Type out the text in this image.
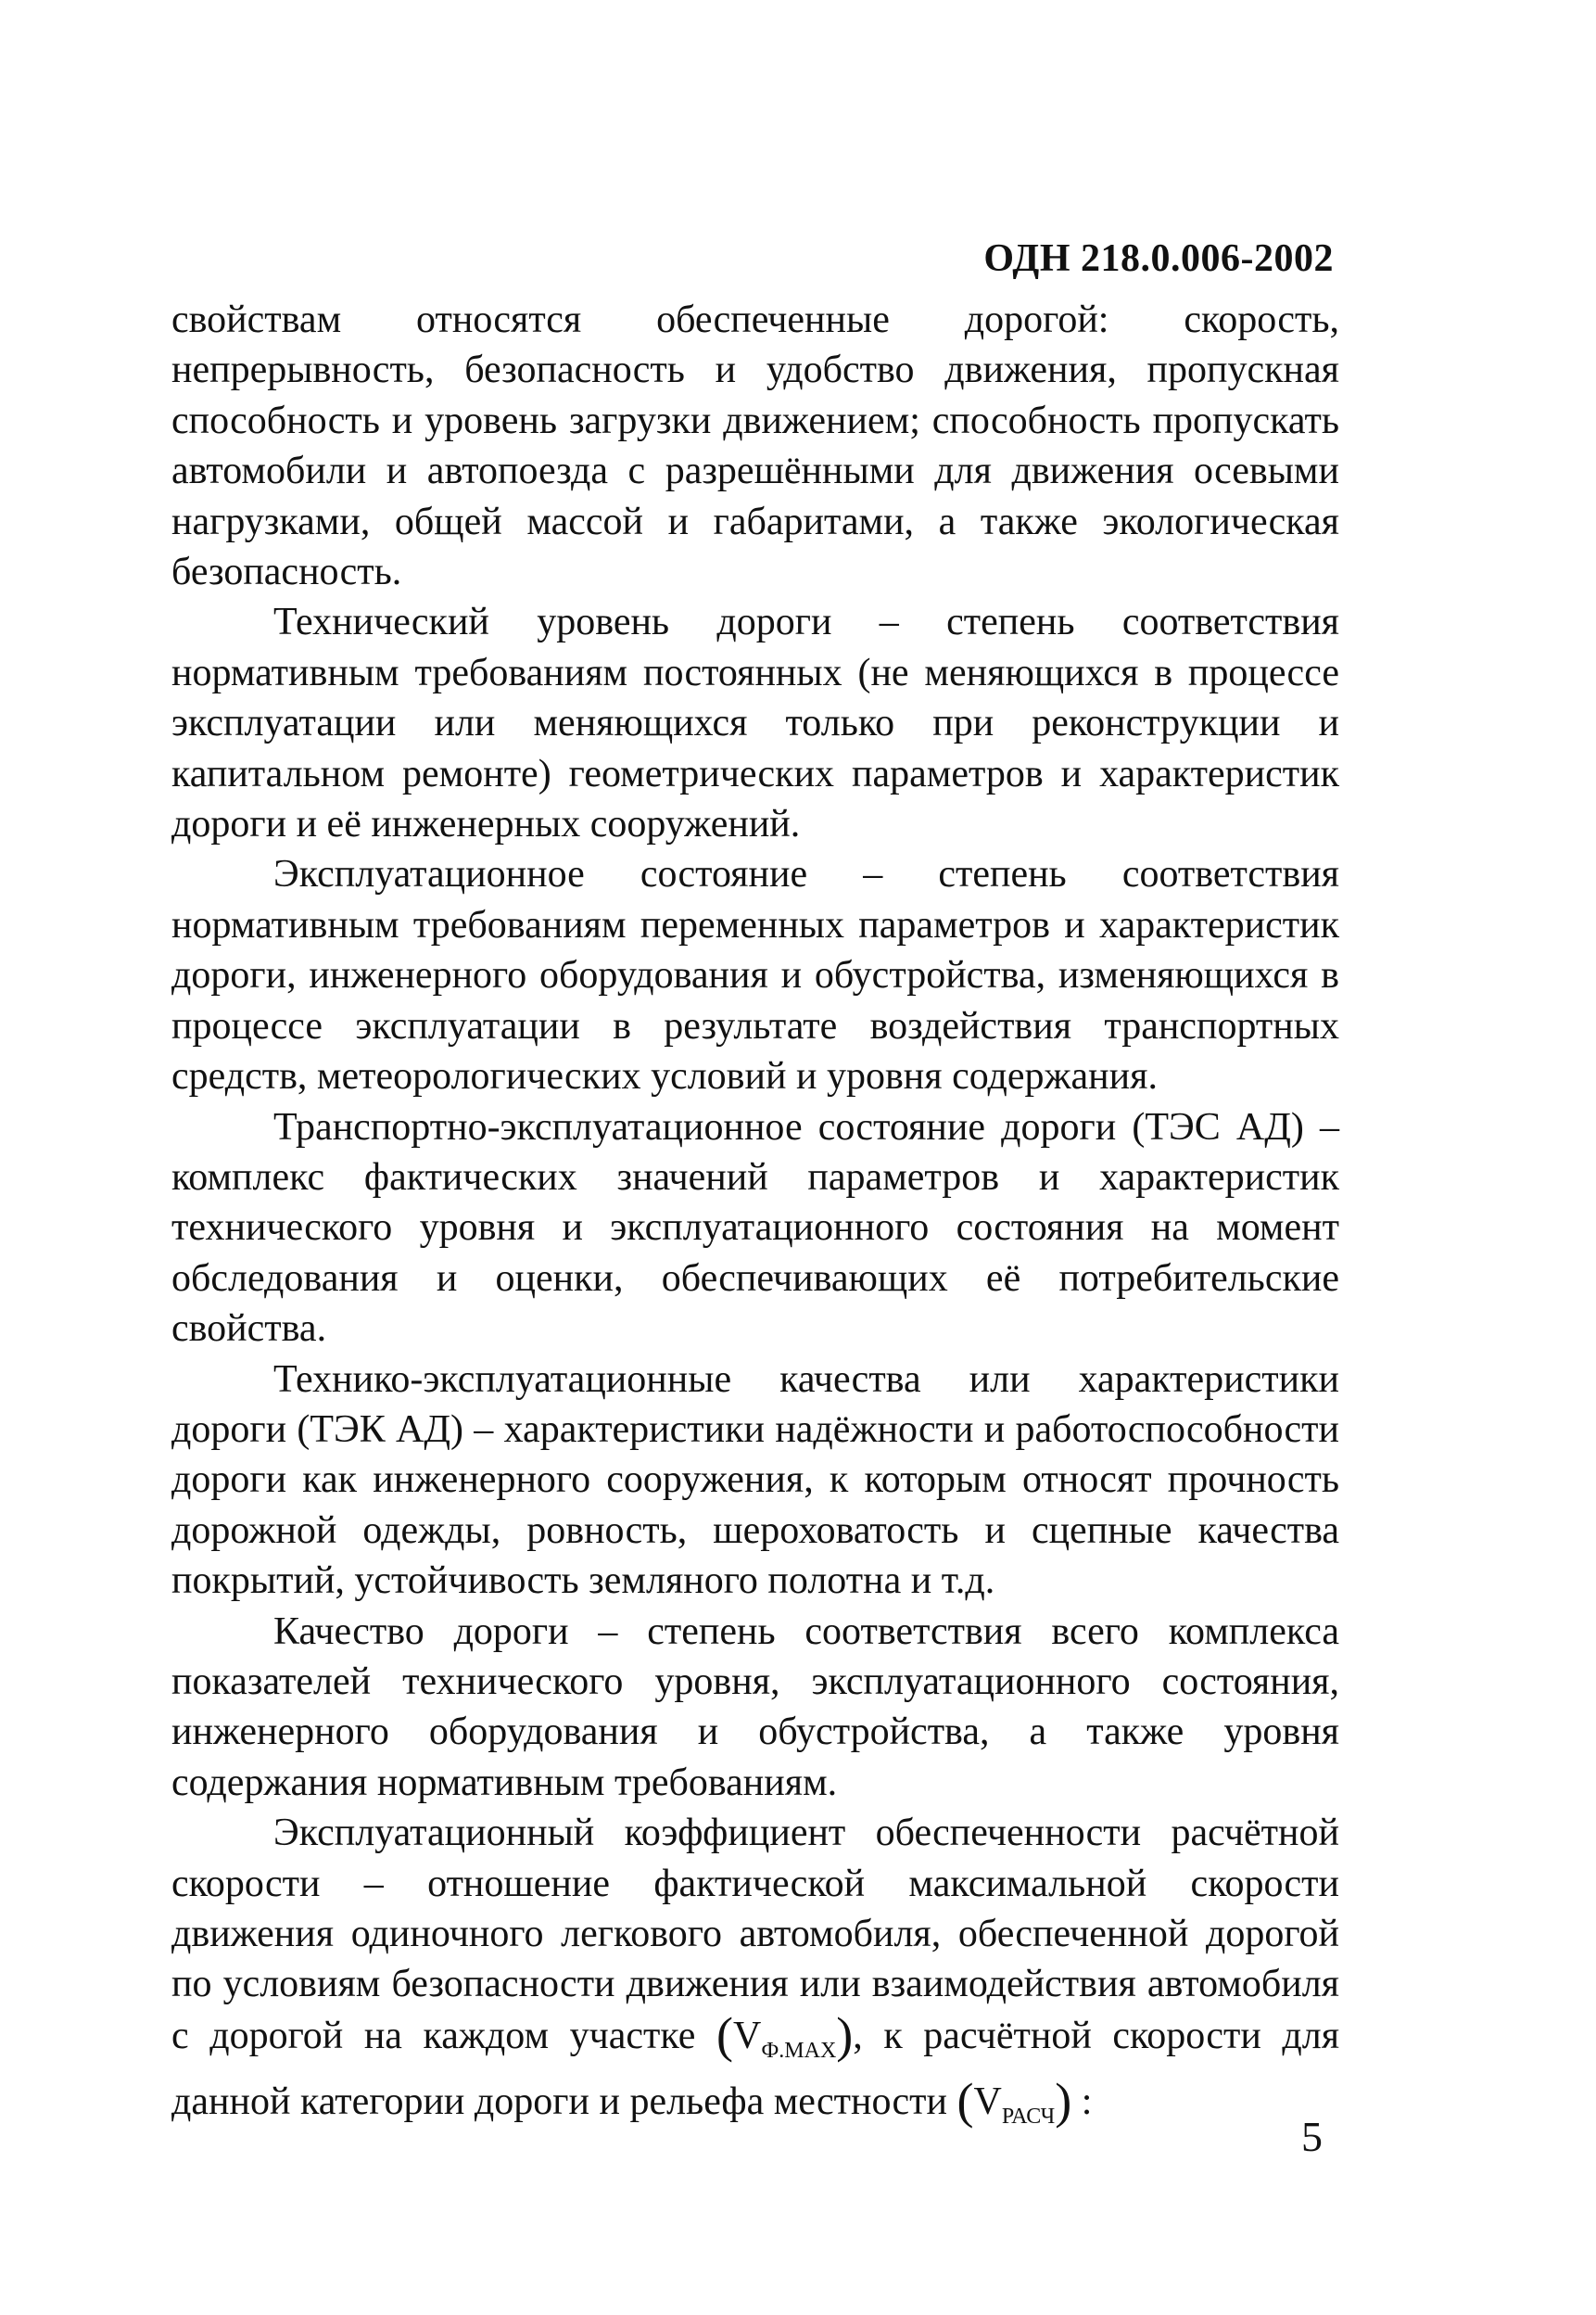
ОДН 218.0.006-2002

свойствам относятся обеспеченные дорогой: скорость, непрерывность, безопасность и удобство движения, пропускная способность и уровень загрузки движением; способность пропускать автомобили и автопоезда с разрешёнными для движения осевыми нагрузками, общей массой и габаритами, а также экологическая безопасность.

Технический уровень дороги – степень соответствия нормативным требованиям постоянных (не меняющихся в процессе эксплуатации или меняющихся только при реконструкции и капитальном ремонте) геометрических параметров и характеристик дороги и её инженерных сооружений.

Эксплуатационное состояние – степень соответствия нормативным требованиям переменных параметров и характеристик дороги, инженерного оборудования и обустройства, изменяющихся в процессе эксплуатации в результате воздействия транспортных средств, метеорологических условий и уровня содержания.

Транспортно-эксплуатационное состояние дороги (ТЭС АД) – комплекс фактических значений параметров и характеристик технического уровня и эксплуатационного состояния на момент обследования и оценки, обеспечивающих её потребительские свойства.

Технико-эксплуатационные качества или характеристики дороги (ТЭК АД) – характеристики надёжности и работоспособности дороги как инженерного сооружения, к которым относят прочность дорожной одежды, ровность, шероховатость и сцепные качества покрытий, устойчивость земляного полотна и т.д.

Качество дороги – степень соответствия всего комплекса показателей технического уровня, эксплуатационного состояния, инженерного оборудования и обустройства, а также уровня содержания нормативным требованиям.

Эксплуатационный коэффициент обеспеченности расчётной скорости – отношение фактической максимальной скорости движения одиночного легкового автомобиля, обеспеченной дорогой по условиям безопасности движения или взаимодействия автомобиля с дорогой на каждом участке $(V_{Ф.MAX})$, к расчётной скорости для данной категории дороги и рельефа местности $(V_{РАСЧ})$ :

5
